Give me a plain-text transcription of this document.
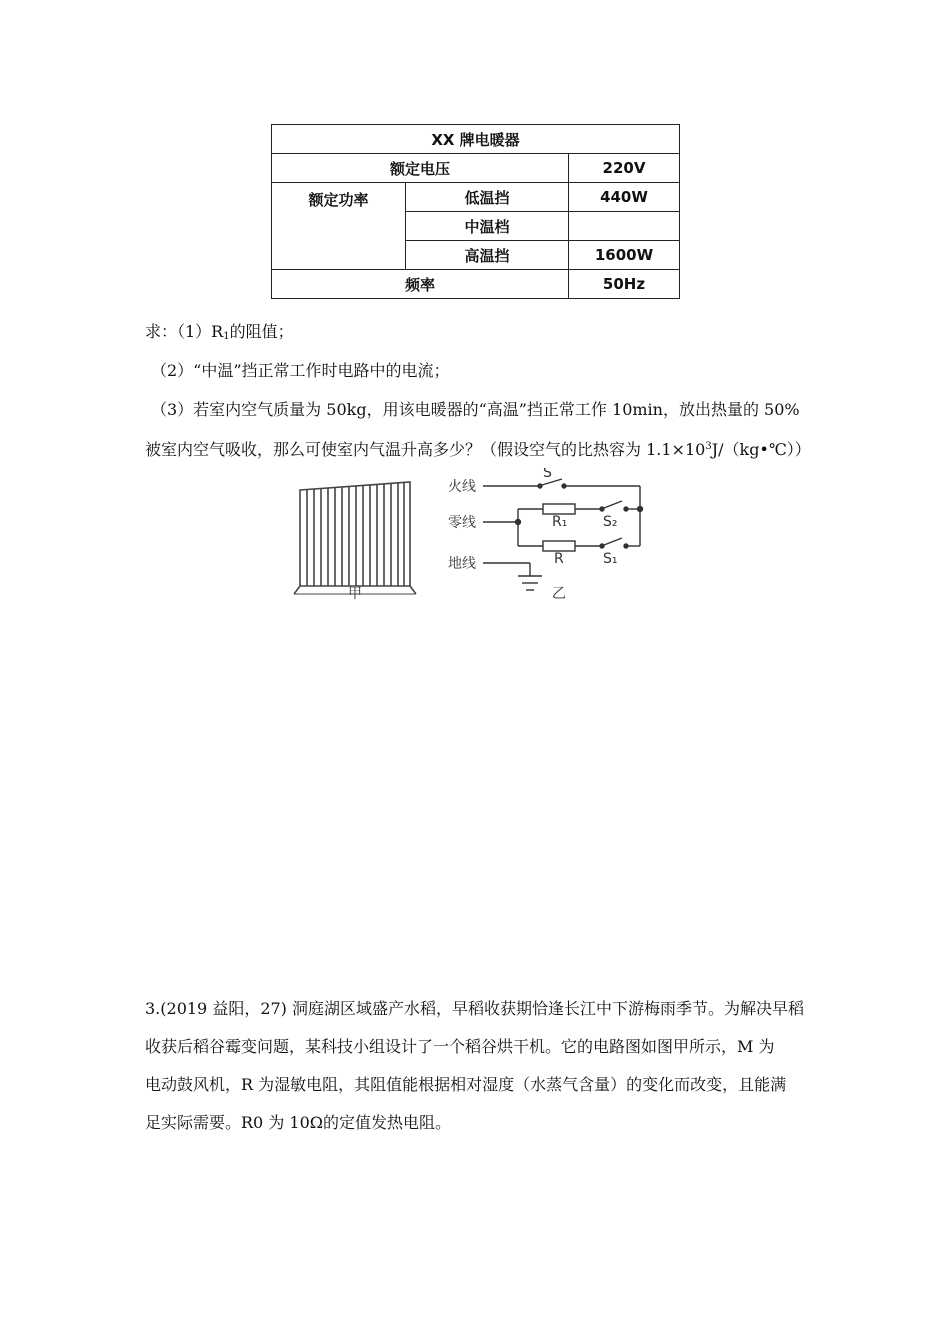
XX 牌电暖器		
额定电压		220V
额定功率	低温挡	440W
	中温档	
	高温挡	1600W
频率		50Hz
求：（1）R1的阻值；
（2）“中温”挡正常工作时电路中的电流；
（3）若室内空气质量为 50kg，用该电暖器的“高温”挡正常工作 10min，放出热量的 50%
被室内空气吸收，那么可使室内气温升高多少？（假设空气的比热容为 $1.1\times 10^3J/(kg•℃)$）
甲
火线
零线
地线
S
R₁	S₂
R	S₁
乙
3.(2019 益阳，27) 洞庭湖区域盛产水稻，早稻收获期恰逢长江中下游梅雨季节。为解决早稻
收获后稻谷霉变问题，某科技小组设计了一个稻谷烘干机。它的电路图如图甲所示，M 为
电动鼓风机，R 为湿敏电阻，其阻值能根据相对湿度（水蒸气含量）的变化而改变，且能满
足实际需要。R0 为 10Ω的定值发热电阻。
